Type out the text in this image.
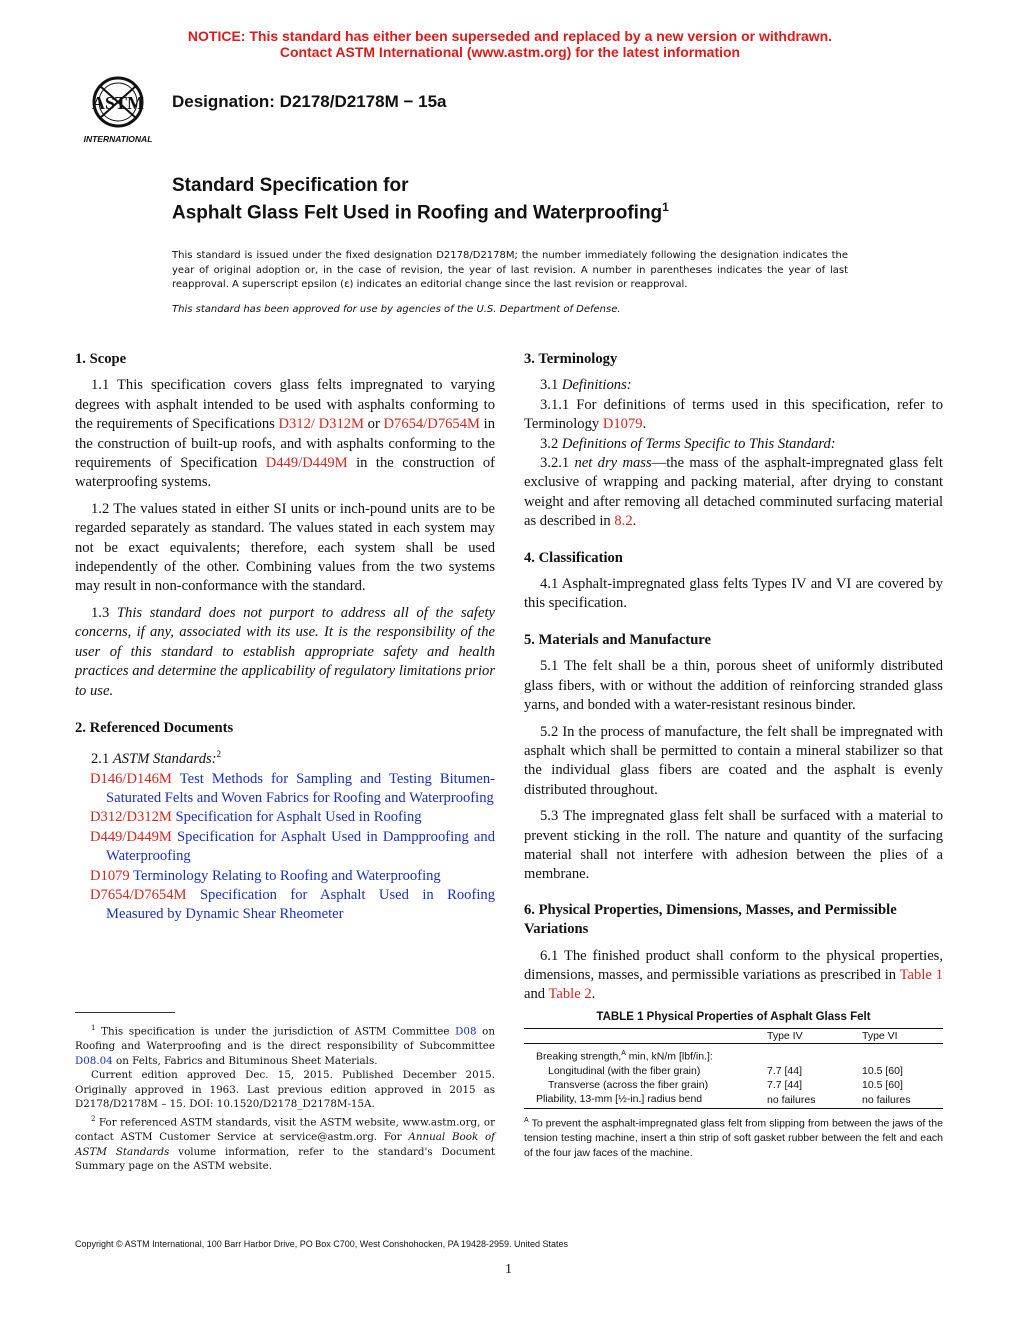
NOTICE: This standard has either been superseded and replaced by a new version or withdrawn.
Contact ASTM International (www.astm.org) for the latest information
ASTM
INTERNATIONAL
Designation: D2178/D2178M − 15a
Standard Specification for
Asphalt Glass Felt Used in Roofing and Waterproofing$^1$
This standard is issued under the fixed designation D2178/D2178M; the number immediately following the designation indicates the year of original adoption or, in the case of revision, the year of last revision. A number in parentheses indicates the year of last reapproval. A superscript epsilon (ε) indicates an editorial change since the last revision or reapproval.
This standard has been approved for use by agencies of the U.S. Department of Defense.
1. Scope

1.1 This specification covers glass felts impregnated to varying degrees with asphalt intended to be used with asphalts conforming to the requirements of Specifications D312/ D312M or D7654/D7654M in the construction of built-up roofs, and with asphalts conforming to the requirements of Specification D449/D449M in the construction of waterproofing systems.

1.2 The values stated in either SI units or inch-pound units are to be regarded separately as standard. The values stated in each system may not be exact equivalents; therefore, each system shall be used independently of the other. Combining values from the two systems may result in non-conformance with the standard.

1.3 This standard does not purport to address all of the safety concerns, if any, associated with its use. It is the responsibility of the user of this standard to establish appropriate safety and health practices and determine the applicability of regulatory limitations prior to use.

2. Referenced Documents

2.1 ASTM Standards:$^2$

D146/D146M Test Methods for Sampling and Testing Bitumen-Saturated Felts and Woven Fabrics for Roofing and Waterproofing
D312/D312M Specification for Asphalt Used in Roofing
D449/D449M Specification for Asphalt Used in Dampproofing and Waterproofing
D1079 Terminology Relating to Roofing and Waterproofing
D7654/D7654M Specification for Asphalt Used in Roofing Measured by Dynamic Shear Rheometer

$^1$ This specification is under the jurisdiction of ASTM Committee D08 on Roofing and Waterproofing and is the direct responsibility of Subcommittee D08.04 on Felts, Fabrics and Bituminous Sheet Materials.

Current edition approved Dec. 15, 2015. Published December 2015. Originally approved in 1963. Last previous edition approved in 2015 as D2178/D2178M – 15. DOI: 10.1520/D2178_D2178M-15A.

$^2$ For referenced ASTM standards, visit the ASTM website, www.astm.org, or contact ASTM Customer Service at service@astm.org. For Annual Book of ASTM Standards volume information, refer to the standard's Document Summary page on the ASTM website.

3. Terminology

3.1 Definitions:

3.1.1 For definitions of terms used in this specification, refer to Terminology D1079.

3.2 Definitions of Terms Specific to This Standard:

3.2.1 net dry mass—the mass of the asphalt-impregnated glass felt exclusive of wrapping and packing material, after drying to constant weight and after removing all detached comminuted surfacing material as described in 8.2.

4. Classification

4.1 Asphalt-impregnated glass felts Types IV and VI are covered by this specification.

5. Materials and Manufacture

5.1 The felt shall be a thin, porous sheet of uniformly distributed glass fibers, with or without the addition of reinforcing stranded glass yarns, and bonded with a water-resistant resinous binder.

5.2 In the process of manufacture, the felt shall be impregnated with asphalt which shall be permitted to contain a mineral stabilizer so that the individual glass fibers are coated and the asphalt is evenly distributed throughout.

5.3 The impregnated glass felt shall be surfaced with a material to prevent sticking in the roll. The nature and quantity of the surfacing material shall not interfere with adhesion between the plies of a membrane.

6. Physical Properties, Dimensions, Masses, and Permissible Variations

6.1 The finished product shall conform to the physical properties, dimensions, masses, and permissible variations as prescribed in Table 1 and Table 2.

TABLE 1 Physical Properties of Asphalt Glass Felt
	Type IV	Type VI
Breaking strength,$^A$ min, kN/m [lbf/in.]:		
Longitudinal (with the fiber grain)	7.7 [44]	10.5 [60]
Transverse (across the fiber grain)	7.7 [44]	10.5 [60]
Pliability, 13-mm [½-in.] radius bend	no failures	no failures
$^A$ To prevent the asphalt-impregnated glass felt from slipping from between the jaws of the tension testing machine, insert a thin strip of soft gasket rubber between the felt and each of the four jaw faces of the machine.
Copyright © ASTM International, 100 Barr Harbor Drive, PO Box C700, West Conshohocken, PA 19428-2959. United States
1
